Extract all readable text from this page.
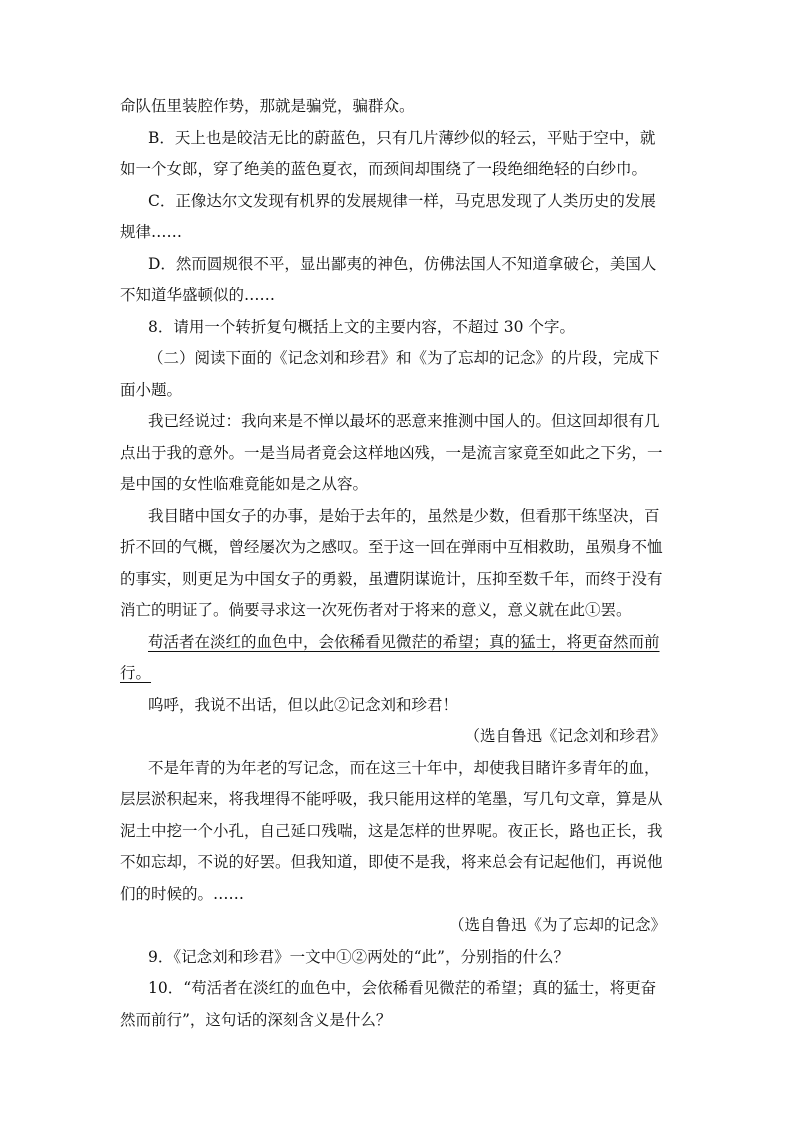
命队伍里装腔作势，那就是骗党，骗群众。
B．天上也是皎洁无比的蔚蓝色，只有几片薄纱似的轻云，平贴于空中，就
如一个女郎，穿了绝美的蓝色夏衣，而颈间却围绕了一段绝细绝轻的白纱巾。
C．正像达尔文发现有机界的发展规律一样，马克思发现了人类历史的发展
规律……
D．然而圆规很不平，显出鄙夷的神色，仿佛法国人不知道拿破仑，美国人
不知道华盛顿似的……
8．请用一个转折复句概括上文的主要内容，不超过 30 个字。
（二）阅读下面的《记念刘和珍君》和《为了忘却的记念》的片段，完成下
面小题。
我已经说过：我向来是不惮以最坏的恶意来推测中国人的。但这回却很有几
点出于我的意外。一是当局者竟会这样地凶残，一是流言家竟至如此之下劣，一
是中国的女性临难竟能如是之从容。
我目睹中国女子的办事，是始于去年的，虽然是少数，但看那干练坚决，百
折不回的气概，曾经屡次为之感叹。至于这一回在弹雨中互相救助，虽殒身不恤
的事实，则更足为中国女子的勇毅，虽遭阴谋诡计，压抑至数千年，而终于没有
消亡的明证了。倘要寻求这一次死伤者对于将来的意义，意义就在此①罢。
苟活者在淡红的血色中，会依稀看见微茫的希望；真的猛士，将更奋然而前
行。
呜呼，我说不出话，但以此②记念刘和珍君！
（选自鲁迅《记念刘和珍君》
不是年青的为年老的写记念，而在这三十年中，却使我目睹许多青年的血，
层层淤积起来，将我埋得不能呼吸，我只能用这样的笔墨，写几句文章，算是从
泥土中挖一个小孔，自己延口残喘，这是怎样的世界呢。夜正长，路也正长，我
不如忘却，不说的好罢。但我知道，即使不是我，将来总会有记起他们，再说他
们的时候的。……
（选自鲁迅《为了忘却的记念》
9．《记念刘和珍君》一文中①②两处的“此”，分别指的什么？
10．“苟活者在淡红的血色中，会依稀看见微茫的希望；真的猛士，将更奋
然而前行”，这句话的深刻含义是什么？
